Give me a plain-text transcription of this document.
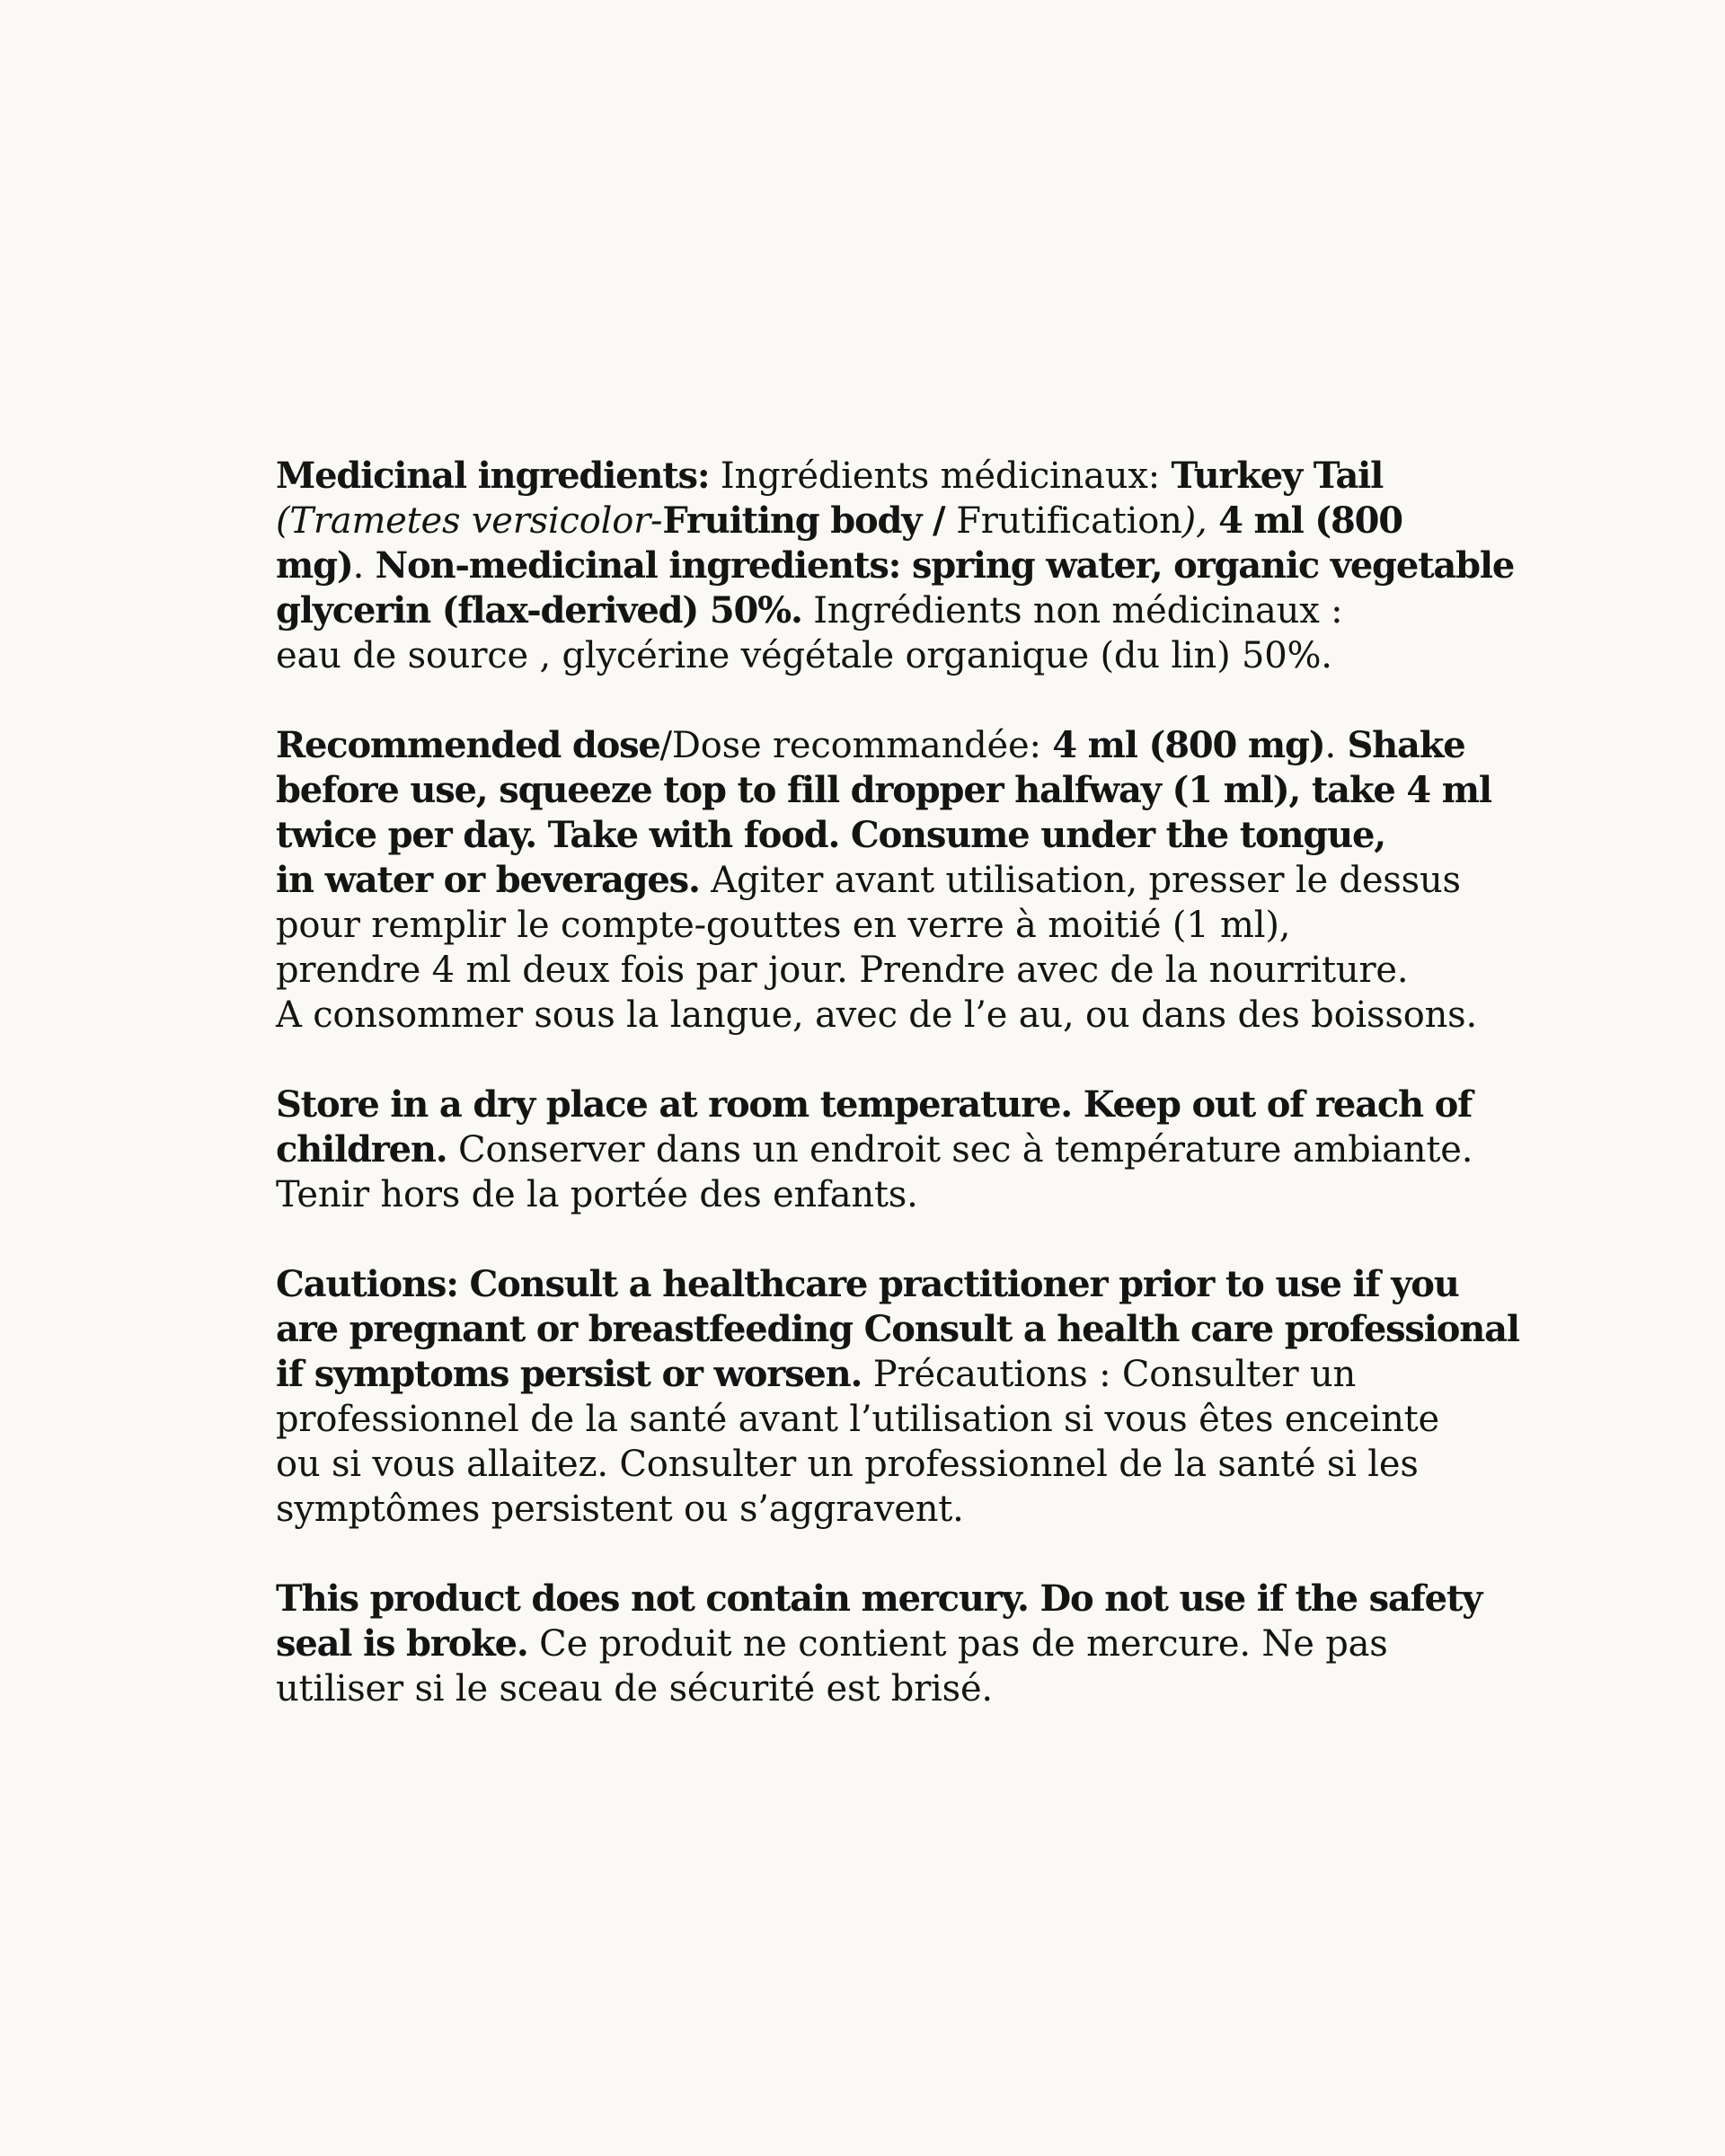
Medicinal ingredients: Ingrédients médicinaux: Turkey Tail
(Trametes versicolor-Fruiting body / Frutification), 4 ml (800
mg). Non-medicinal ingredients: spring water, organic vegetable
glycerin (flax-derived) 50%. Ingrédients non médicinaux :
eau de source , glycérine végétale organique (du lin) 50%.

Recommended dose/Dose recommandée: 4 ml (800 mg). Shake
before use, squeeze top to fill dropper halfway (1 ml), take 4 ml
twice per day. Take with food. Consume under the tongue,
in water or beverages. Agiter avant utilisation, presser le dessus
pour remplir le compte-gouttes en verre à moitié (1 ml),
prendre 4 ml deux fois par jour. Prendre avec de la nourriture.
A consommer sous la langue, avec de l’e au, ou dans des boissons.

Store in a dry place at room temperature. Keep out of reach of
children. Conserver dans un endroit sec à température ambiante.
Tenir hors de la portée des enfants.

Cautions: Consult a healthcare practitioner prior to use if you
are pregnant or breastfeeding Consult a health care professional
if symptoms persist or worsen. Précautions : Consulter un
professionnel de la santé avant l’utilisation si vous êtes enceinte
ou si vous allaitez. Consulter un professionnel de la santé si les
symptômes persistent ou s’aggravent.

This product does not contain mercury. Do not use if the safety
seal is broke. Ce produit ne contient pas de mercure. Ne pas
utiliser si le sceau de sécurité est brisé.
